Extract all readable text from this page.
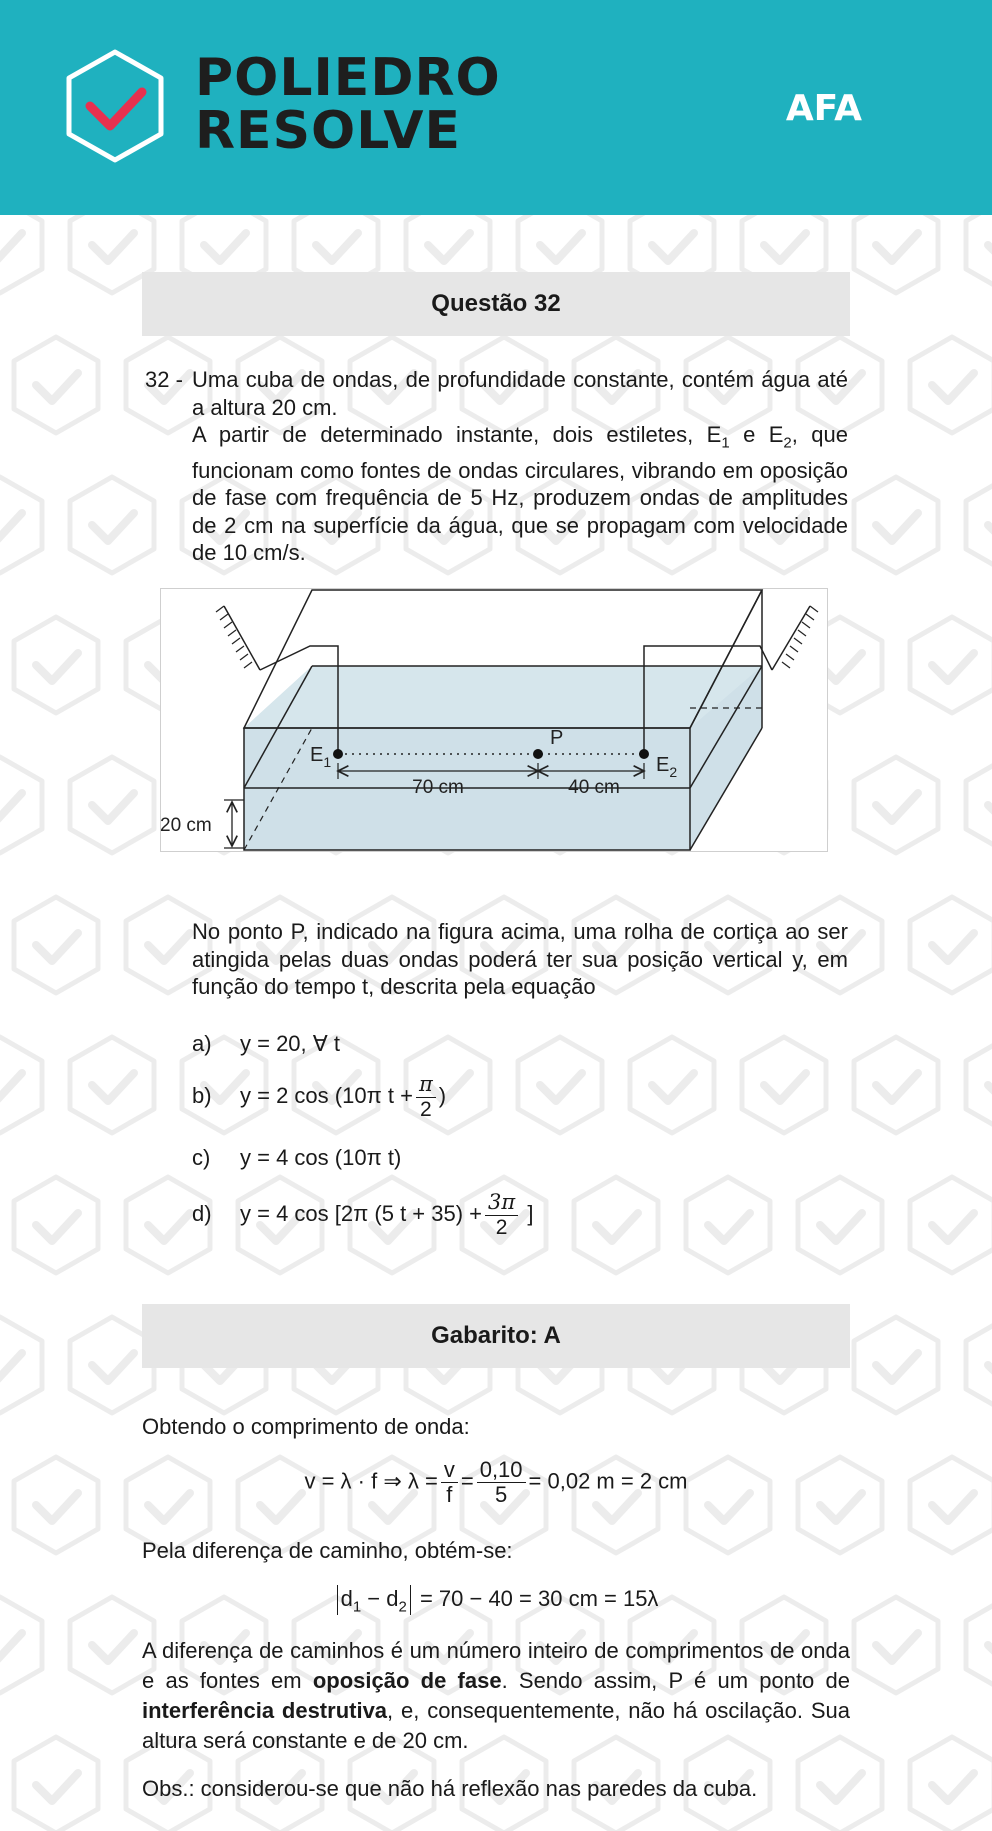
POLIEDRO
RESOLVE	AFA
Questão 32
32 - Uma cuba de ondas, de profundidade constante, contém água até a altura 20 cm.

A partir de determinado instante, dois estiletes, $E_1$ e $E_2$, que funcionam como fontes de ondas circulares, vibrando em oposição de fase com frequência de 5 Hz, produzem ondas de amplitudes de 2 cm na superfície da água, que se propagam com velocidade de 10 cm/s.

$E_1$
P
$E_2$
70 cm	40 cm
20 cm
No ponto P, indicado na figura acima, uma rolha de cortiça ao ser atingida pelas duas ondas poderá ter sua posição vertical y, em função do tempo t, descrita pela equação
a) y = 20, ∀ t
b) y = 2 cos (10π $t + \frac{\pi}{2}$ )
c) y = 4 cos (10π t)
d) y = 4 cos [2π (5 $t + 35) + \frac{3\pi}{2}$ ]
Gabarito: A
Obtendo o comprimento de onda:
v = λ · f ⇒ $\lambda = \frac{v}{f} = \frac{0,10}{5} = 0,02$ m = 2 cm
Pela diferença de caminho, obtém-se:
$d_1 - d_2 = 70 - 40 = 30$ cm = 15λ

A diferença de caminhos é um número inteiro de comprimentos de onda e as fontes em oposição de fase. Sendo assim, P é um ponto de interferência destrutiva, e, consequentemente, não há oscilação. Sua altura será constante e de 20 cm.

Obs.: considerou-se que não há reflexão nas paredes da cuba.
